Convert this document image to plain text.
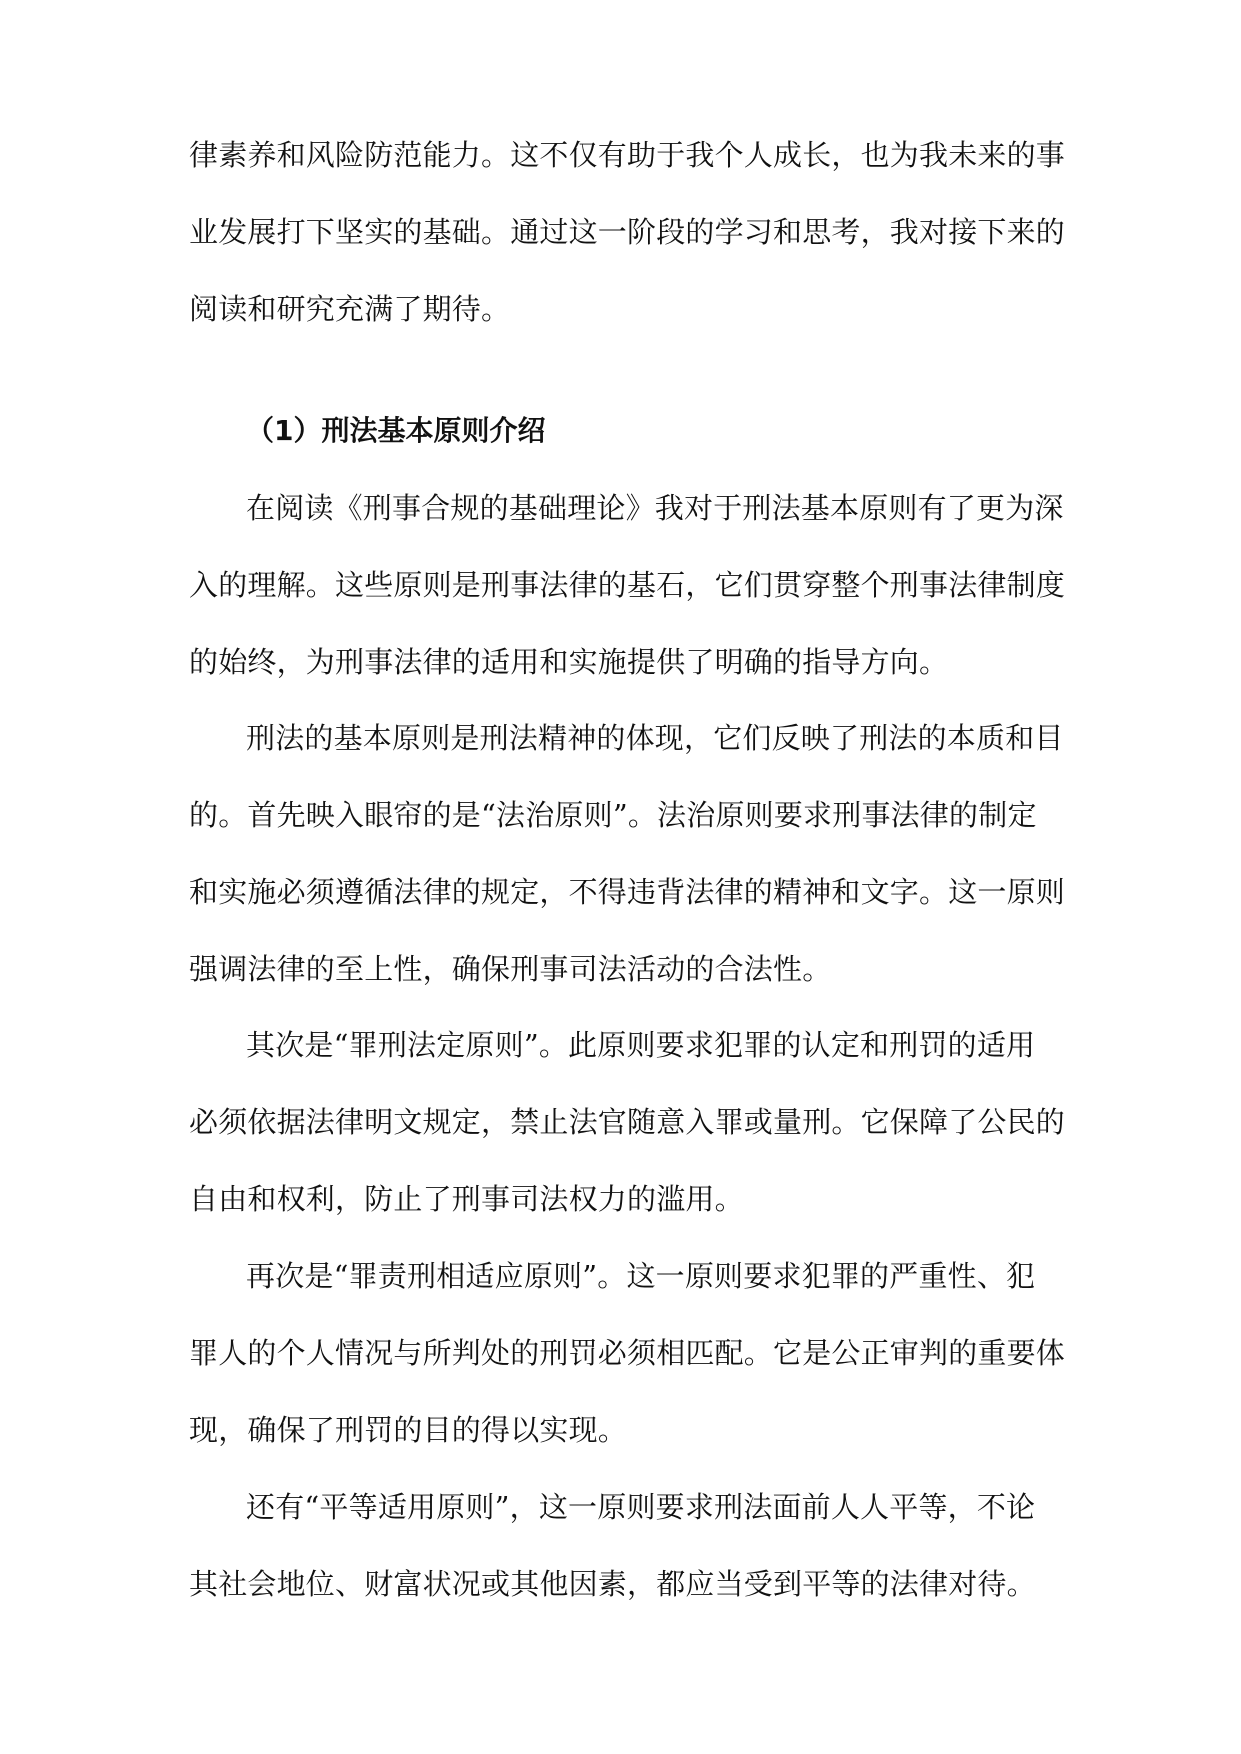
律素养和风险防范能力。这不仅有助于我个人成长，也为我未来的事
业发展打下坚实的基础。通过这一阶段的学习和思考，我对接下来的
阅读和研究充满了期待。
（1）刑法基本原则介绍
在阅读《刑事合规的基础理论》我对于刑法基本原则有了更为深
入的理解。这些原则是刑事法律的基石，它们贯穿整个刑事法律制度
的始终，为刑事法律的适用和实施提供了明确的指导方向。
刑法的基本原则是刑法精神的体现，它们反映了刑法的本质和目
的。首先映入眼帘的是“法治原则”。法治原则要求刑事法律的制定
和实施必须遵循法律的规定，不得违背法律的精神和文字。这一原则
强调法律的至上性，确保刑事司法活动的合法性。
其次是“罪刑法定原则”。此原则要求犯罪的认定和刑罚的适用
必须依据法律明文规定，禁止法官随意入罪或量刑。它保障了公民的
自由和权利，防止了刑事司法权力的滥用。
再次是“罪责刑相适应原则”。这一原则要求犯罪的严重性、犯
罪人的个人情况与所判处的刑罚必须相匹配。它是公正审判的重要体
现，确保了刑罚的目的得以实现。
还有“平等适用原则”，这一原则要求刑法面前人人平等，不论
其社会地位、财富状况或其他因素，都应当受到平等的法律对待。
